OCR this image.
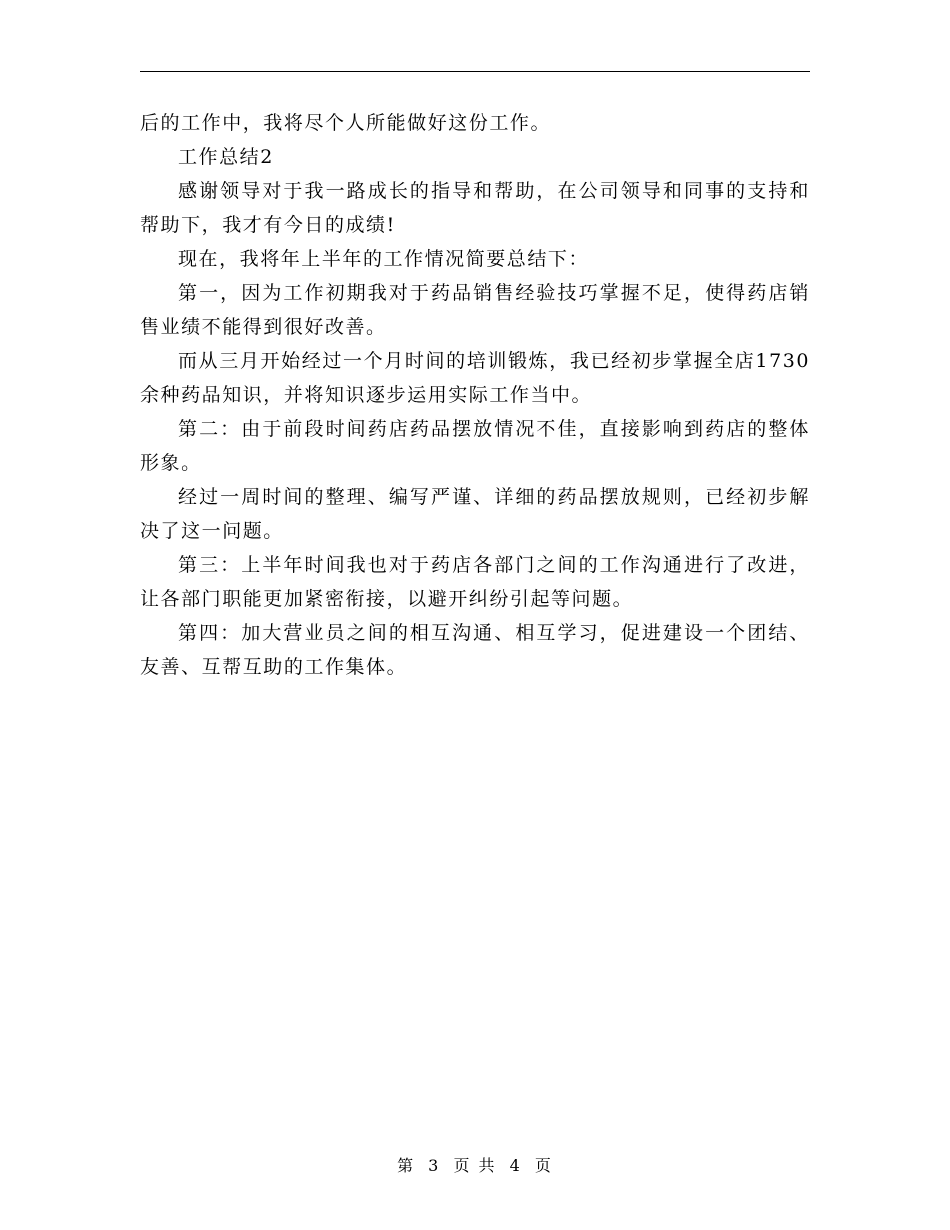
后的工作中，我将尽个人所能做好这份工作。

工作总结2

感谢领导对于我一路成长的指导和帮助，在公司领导和同事的支持和帮助下，我才有今日的成绩!

现在，我将年上半年的工作情况简要总结下：

第一，因为工作初期我对于药品销售经验技巧掌握不足，使得药店销售业绩不能得到很好改善。

而从三月开始经过一个月时间的培训锻炼，我已经初步掌握全店1730余种药品知识，并将知识逐步运用实际工作当中。

第二：由于前段时间药店药品摆放情况不佳，直接影响到药店的整体形象。

经过一周时间的整理、编写严谨、详细的药品摆放规则，已经初步解决了这一问题。

第三：上半年时间我也对于药店各部门之间的工作沟通进行了改进，让各部门职能更加紧密衔接，以避开纠纷引起等问题。

第四：加大营业员之间的相互沟通、相互学习，促进建设一个团结、友善、互帮互助的工作集体。

第 3 页 共 4 页
